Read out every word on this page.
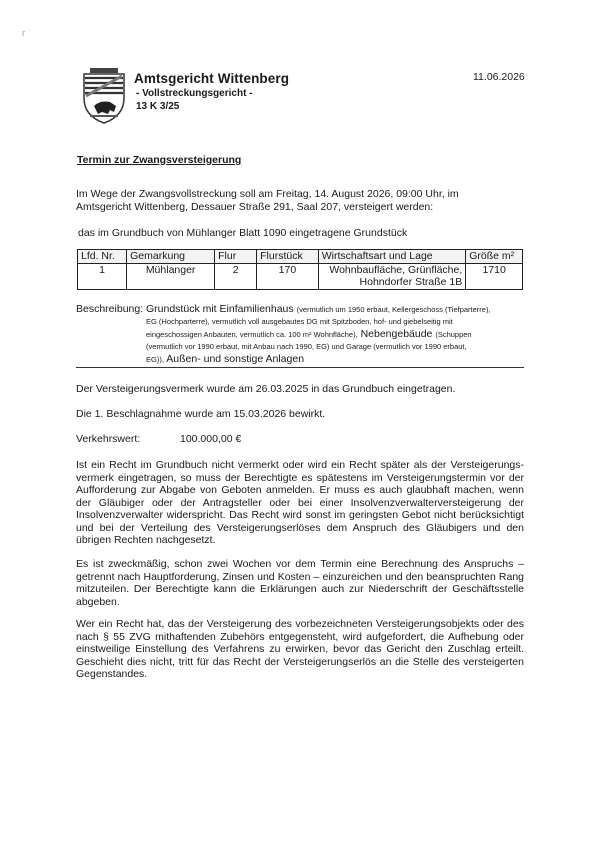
r
Amtsgericht Wittenberg
- Vollstreckungsgericht -
13 K 3/25
11.06.2026
Termin zur Zwangsversteigerung
Im Wege der Zwangsvollstreckung soll am Freitag, 14. August 2026, 09:00 Uhr, im
Amtsgericht Wittenberg, Dessauer Straße 291, Saal 207, versteigert werden:
das im Grundbuch von Mühlanger Blatt 1090 eingetragene Grundstück
Lfd. Nr.	Gemarkung	Flur	Flurstück	Wirtschaftsart und Lage	Größe m²
1	Mühlanger	2	170	Wohnbaufläche, Grünfläche,	1710
				Hohndorfer Straße 1B	
Beschreibung: Grundstück mit Einfamilienhaus (vermutlich um 1950 erbaut, Kellergeschoss (Tiefparterre),
EG (Hochparterre), vermutlich voll ausgebautes DG mit Spitzboden, hof- und giebelseitig mit
eingeschossigen Anbauten, vermutlich ca. 100 m² Wohnfläche), Nebengebäude (Schuppen
(vermutlich vor 1990 erbaut, mit Anbau nach 1990, EG) und Garage (vermutlich vor 1990 erbaut,
EG)), Außen- und sonstige Anlagen
Der Versteigerungsvermerk wurde am 26.03.2025 in das Grundbuch eingetragen.
Die 1. Beschlagnahme wurde am 15.03.2026 bewirkt.
Verkehrswert:	100.000,00 €
Ist ein Recht im Grundbuch nicht vermerkt oder wird ein Recht später als der Versteigerungs-vermerk eingetragen, so muss der Berechtigte es spätestens im Versteigerungstermin vor der Aufforderung zur Abgabe von Geboten anmelden. Er muss es auch glaubhaft machen, wenn der Gläubiger oder der Antragsteller oder bei einer Insolvenzverwalterversteigerung der Insolvenzverwalter widerspricht. Das Recht wird sonst im geringsten Gebot nicht berücksichtigt und bei der Verteilung des Versteigerungserlöses dem Anspruch des Gläubigers und den übrigen Rechten nachgesetzt.
Es ist zweckmäßig, schon zwei Wochen vor dem Termin eine Berechnung des Anspruchs – getrennt nach Hauptforderung, Zinsen und Kosten – einzureichen und den beanspruchten Rang mitzuteilen. Der Berechtigte kann die Erklärungen auch zur Niederschrift der Geschäftsstelle abgeben.
Wer ein Recht hat, das der Versteigerung des vorbezeichneten Versteigerungsobjekts oder des nach § 55 ZVG mithaftenden Zubehörs entgegensteht, wird aufgefordert, die Aufhebung oder einstweilige Einstellung des Verfahrens zu erwirken, bevor das Gericht den Zuschlag erteilt. Geschieht dies nicht, tritt für das Recht der Versteigerungserlös an die Stelle des versteigerten Gegenstandes.
